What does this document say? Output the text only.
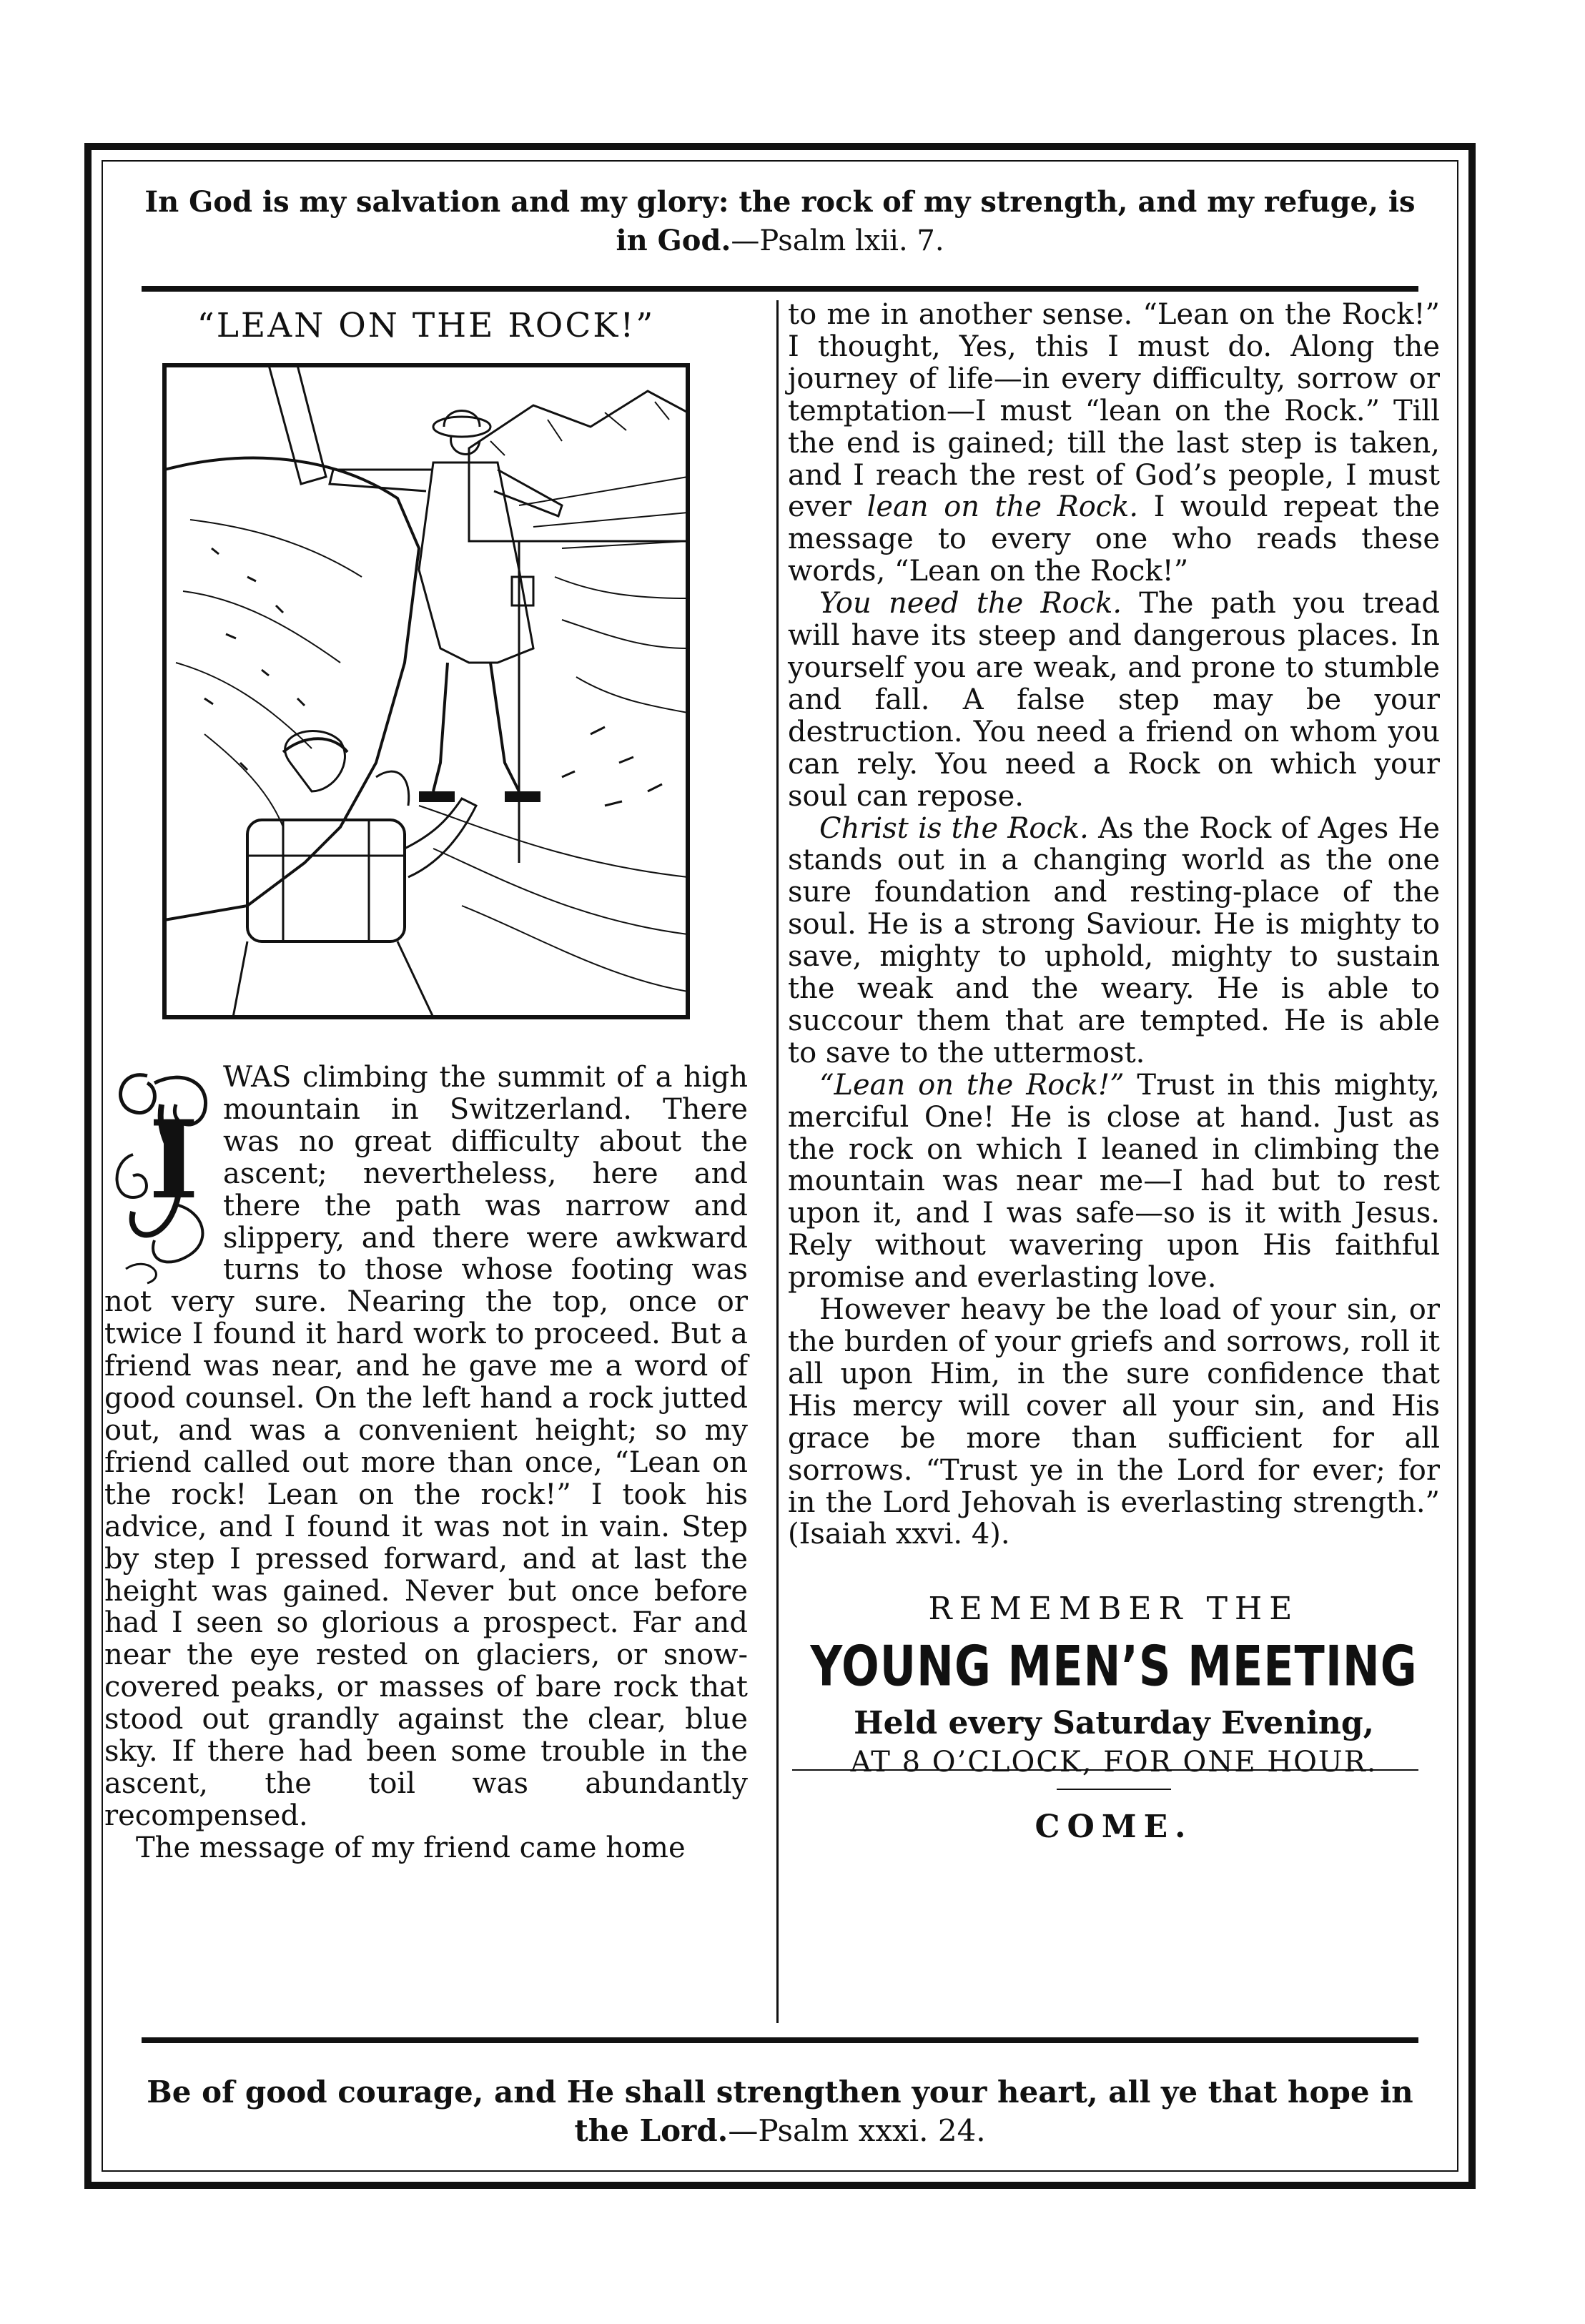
In God is my salvation and my glory: the rock of my strength, and my refuge, is in God.—Psalm lxii. 7.
Be of good courage, and He shall strengthen your heart, all ye that hope in the Lord.—Psalm xxxi. 24.
“LEAN ON THE ROCK!”
I

WAS climbing the summit of a high mountain in Switzerland. There was no great difficulty about the ascent; nevertheless, here and there the path was narrow and slippery, and there were awkward turns to those whose footing was not very sure. Nearing the top, once or twice I found it hard work to proceed. But a friend was near, and he gave me a word of good counsel. On the left hand a rock jutted out, and was a convenient height; so my friend called out more than once, “Lean on the rock! Lean on the rock!” I took his advice, and I found it was not in vain. Step by step I pressed forward, and at last the height was gained. Never but once before had I seen so glorious a prospect. Far and near the eye rested on glaciers, or snow-covered peaks, or masses of bare rock that stood out grandly against the clear, blue sky. If there had been some trouble in the ascent, the toil was abundantly recompensed.

The message of my friend came home

to me in another sense. “Lean on the Rock!” I thought, Yes, this I must do. Along the journey of life—in every difficulty, sorrow or temptation—I must “lean on the Rock.” Till the end is gained; till the last step is taken, and I reach the rest of God’s people, I must ever lean on the Rock. I would repeat the message to every one who reads these words, “Lean on the Rock!”

You need the Rock. The path you tread will have its steep and dangerous places. In yourself you are weak, and prone to stumble and fall. A false step may be your destruction. You need a friend on whom you can rely. You need a Rock on which your soul can repose.

Christ is the Rock. As the Rock of Ages He stands out in a changing world as the one sure foundation and resting-place of the soul. He is a strong Saviour. He is mighty to save, mighty to uphold, mighty to sustain the weak and the weary. He is able to succour them that are tempted. He is able to save to the uttermost.

“Lean on the Rock!” Trust in this mighty, merciful One! He is close at hand. Just as the rock on which I leaned in climbing the mountain was near me—I had but to rest upon it, and I was safe—so is it with Jesus. Rely without wavering upon His faithful promise and everlasting love.

However heavy be the load of your sin, or the burden of your griefs and sorrows, roll it all upon Him, in the sure confidence that His mercy will cover all your sin, and His grace be more than sufficient for all sorrows. “Trust ye in the Lord for ever; for in the Lord Jehovah is everlasting strength.” (Isaiah xxvi. 4).

REMEMBER THE
YOUNG MEN’S MEETING
Held every Saturday Evening,
AT 8 O’CLOCK, FOR ONE HOUR.
COME.
